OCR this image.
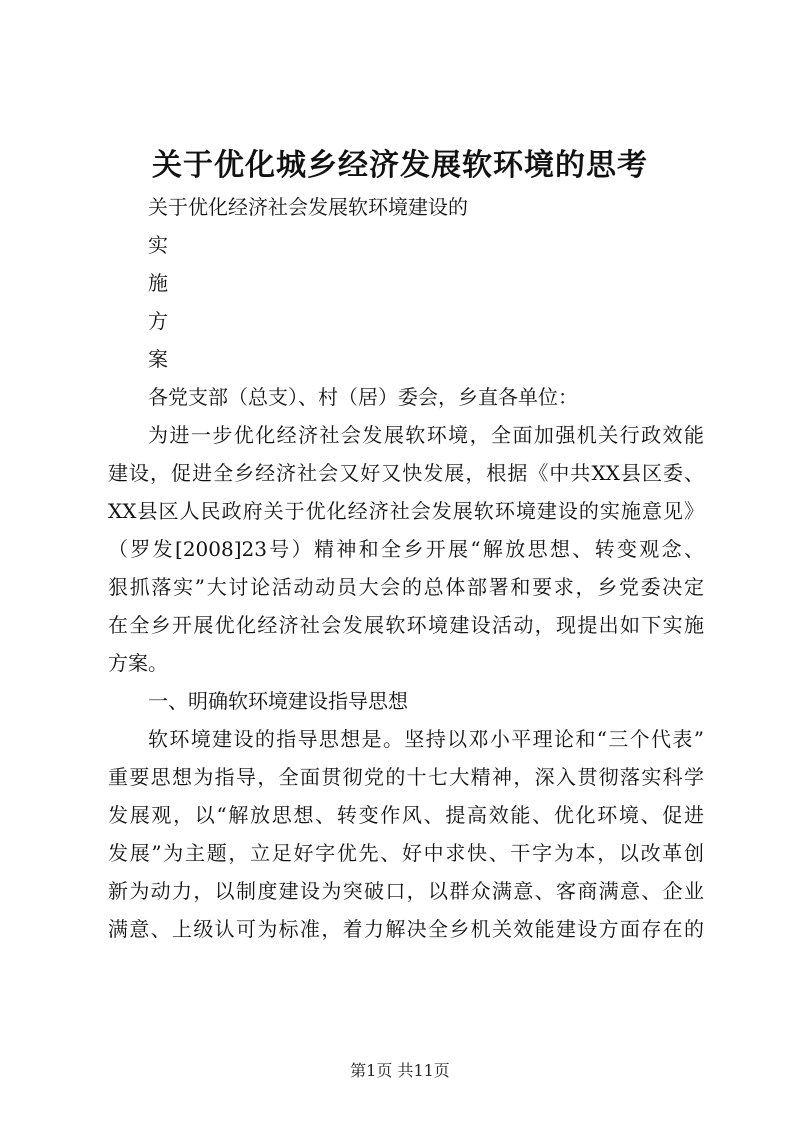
关于优化城乡经济发展软环境的思考
关于优化经济社会发展软环境建设的
实
施
方
案
各党支部（总支）、村（居）委会，乡直各单位：
为进一步优化经济社会发展软环境，全面加强机关行政效能
建设，促进全乡经济社会又好又快发展，根据《中共XX县区委、
XX县区人民政府关于优化经济社会发展软环境建设的实施意见》
（罗发[2008]23号）精神和全乡开展“解放思想、转变观念、
狠抓落实”大讨论活动动员大会的总体部署和要求，乡党委决定
在全乡开展优化经济社会发展软环境建设活动，现提出如下实施
方案。
一、明确软环境建设指导思想
软环境建设的指导思想是。坚持以邓小平理论和“三个代表”
重要思想为指导，全面贯彻党的十七大精神，深入贯彻落实科学
发展观，以“解放思想、转变作风、提高效能、优化环境、促进
发展”为主题，立足好字优先、好中求快、干字为本，以改革创
新为动力，以制度建设为突破口，以群众满意、客商满意、企业
满意、上级认可为标准，着力解决全乡机关效能建设方面存在的
第1页 共11页
